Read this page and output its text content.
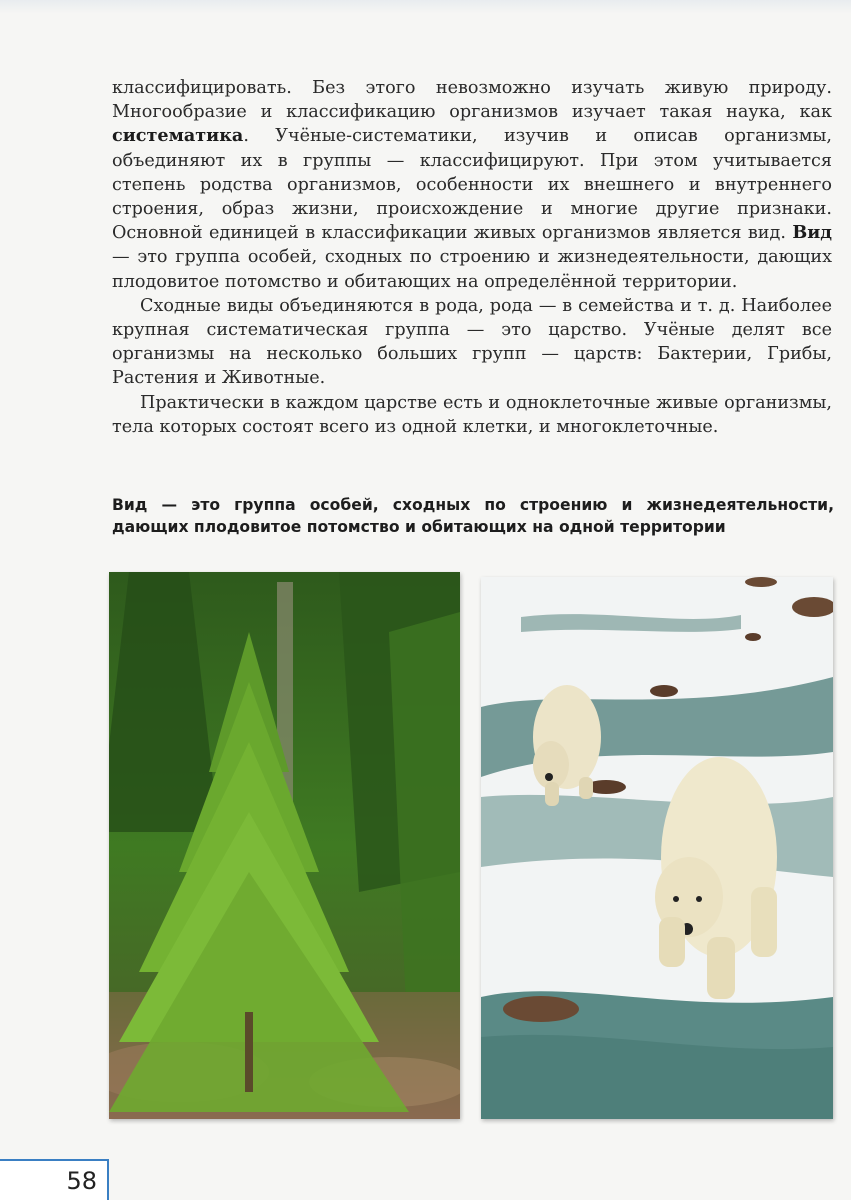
классифицировать. Без этого невозможно изучать живую природу. Многообразие и классификацию организмов изучает такая наука, как систематика. Учёные-систематики, изучив и описав организмы, объединяют их в группы — классифицируют. При этом учитывается степень родства организмов, особенности их внешнего и внутреннего строения, образ жизни, происхождение и многие другие признаки. Основной единицей в классификации живых организмов является вид. Вид — это группа особей, сходных по строению и жизнедеятельности, дающих плодовитое потомство и обитающих на определённой территории.

Сходные виды объединяются в рода, рода — в семейства и т. д. Наиболее крупная систематическая группа — это царство. Учёные делят все организмы на несколько больших групп — царств: Бактерии, Грибы, Растения и Животные.

Практически в каждом царстве есть и одноклеточные живые организмы, тела которых состоят всего из одной клетки, и многоклеточные.

Вид — это группа особей, сходных по строению и жизнедеятельности, дающих плодовитое потомство и обитающих на одной территории
58
